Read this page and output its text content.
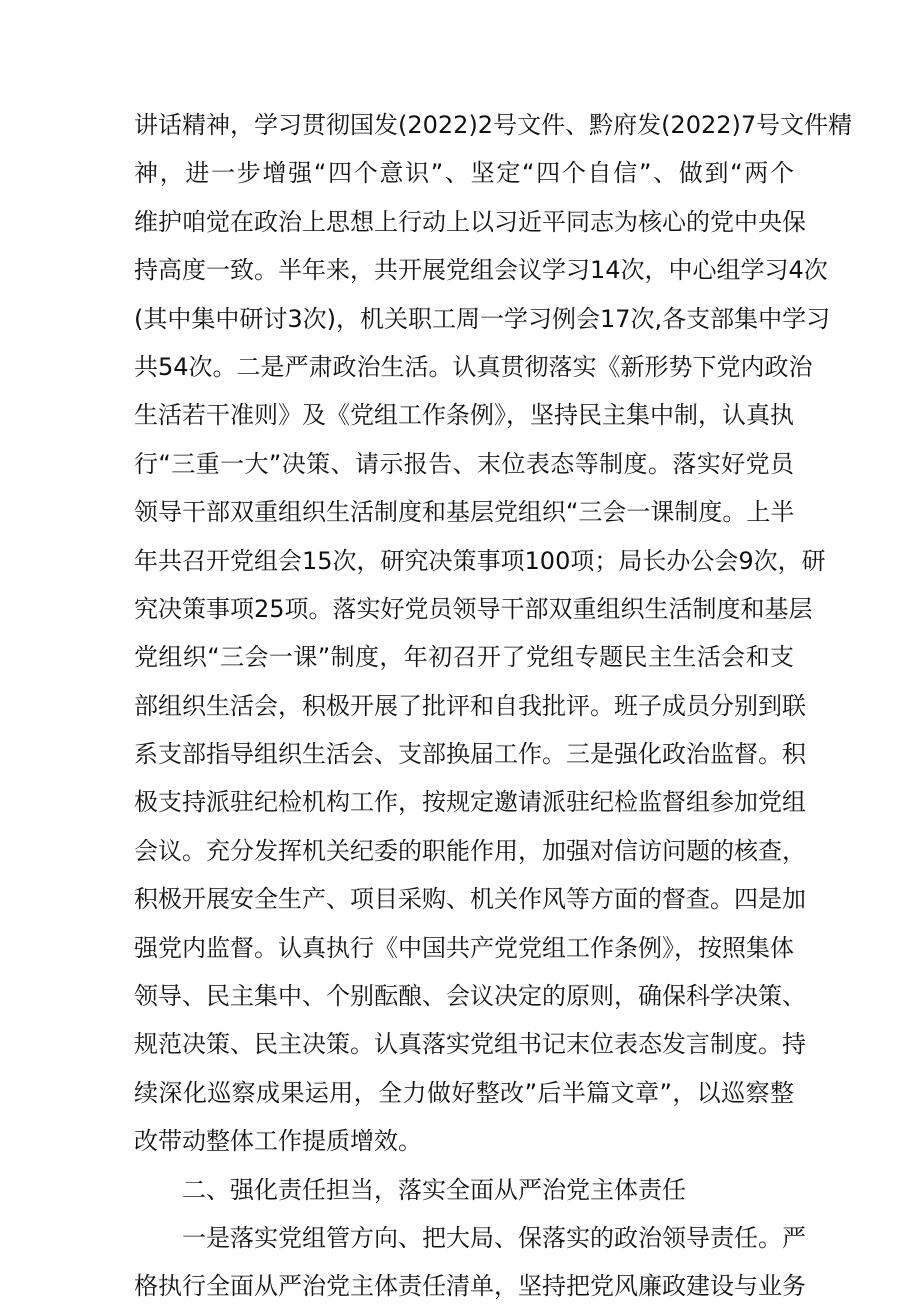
讲话精神，学习贯彻国发(2022)2号文件、黔府发(2022)7号文件精
神，进一步增强“四个意识”、坚定“四个自信”、做到“两个
维护咱觉在政治上思想上行动上以习近平同志为核心的党中央保
持高度一致。半年来，共开展党组会议学习14次，中心组学习4次
(其中集中研讨3次)，机关职工周一学习例会17次,各支部集中学习
共54次。二是严肃政治生活。认真贯彻落实《新形势下党内政治
生活若干准则》及《党组工作条例》，坚持民主集中制，认真执
行“三重一大”决策、请示报告、末位表态等制度。落实好党员
领导干部双重组织生活制度和基层党组织“三会一课制度。上半
年共召开党组会15次，研究决策事项100项；局长办公会9次，研
究决策事项25项。落实好党员领导干部双重组织生活制度和基层
党组织“三会一课”制度，年初召开了党组专题民主生活会和支
部组织生活会，积极开展了批评和自我批评。班子成员分别到联
系支部指导组织生活会、支部换届工作。三是强化政治监督。积
极支持派驻纪检机构工作，按规定邀请派驻纪检监督组参加党组
会议。充分发挥机关纪委的职能作用，加强对信访问题的核查，
积极开展安全生产、项目采购、机关作风等方面的督查。四是加
强党内监督。认真执行《中国共产党党组工作条例》，按照集体
领导、民主集中、个别酝酿、会议决定的原则，确保科学决策、
规范决策、民主决策。认真落实党组书记末位表态发言制度。持
续深化巡察成果运用，全力做好整改”后半篇文章”，以巡察整
改带动整体工作提质增效。
二、强化责任担当，落实全面从严治党主体责任
一是落实党组管方向、把大局、保落实的政治领导责任。严
格执行全面从严治党主体责任清单，坚持把党风廉政建设与业务
